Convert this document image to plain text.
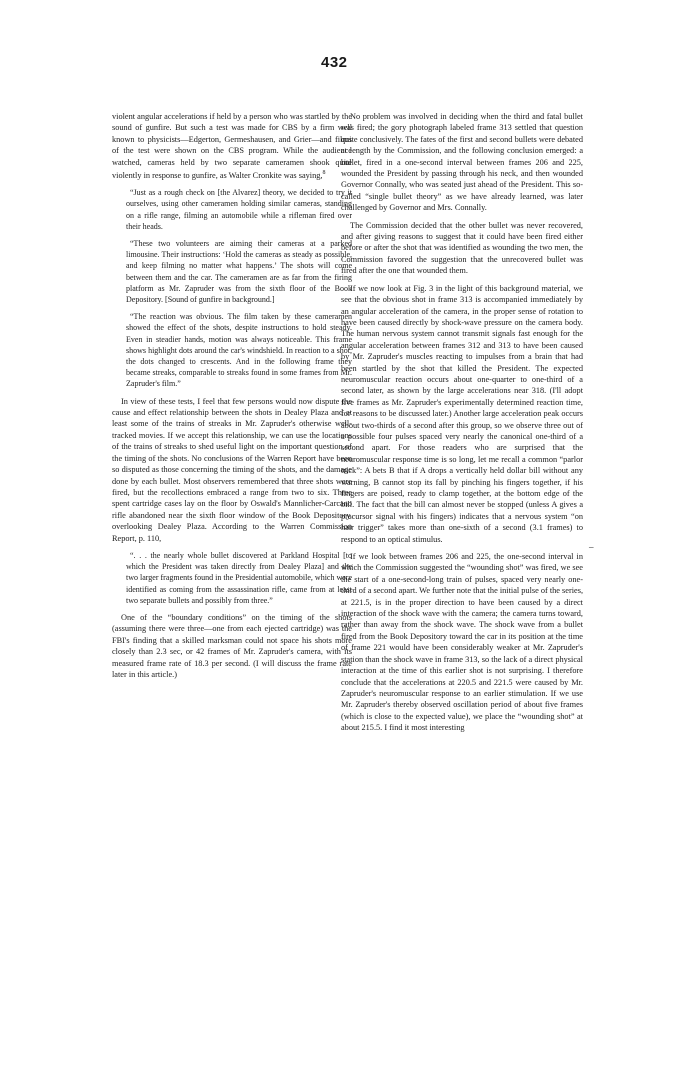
432

violent angular accelerations if held by a person who was startled by the sound of gunfire. But such a test was made for CBS by a firm well known to physicists—Edgerton, Germeshausen, and Grier—and films of the test were shown on the CBS program. While the audience watched, cameras held by two separate cameramen shook quite violently in response to gunfire, as Walter Cronkite was saying,$^8$

“Just as a rough check on [the Alvarez] theory, we decided to try it ourselves, using other cameramen holding similar cameras, standing on a rifle range, filming an automobile while a rifleman fired over their heads.
“These two volunteers are aiming their cameras at a parked limousine. Their instructions: ‘Hold the cameras as steady as possible, and keep filming no matter what happens.’ The shots will come between them and the car. The cameramen are as far from the firing platform as Mr. Zapruder was from the sixth floor of the Book Depository. [Sound of gunfire in background.]
“The reaction was obvious. The film taken by these cameramen showed the effect of the shots, despite instructions to hold steady. Even in steadier hands, motion was always noticeable. This frame shows highlight dots around the car's windshield. In reaction to a shot, the dots changed to crescents. And in the following frame they became streaks, comparable to streaks found in some frames from Mr. Zapruder's film.”

In view of these tests, I feel that few persons would now dispute the cause and effect relationship between the shots in Dealey Plaza and at least some of the trains of streaks in Mr. Zapruder's otherwise well-tracked movies. If we accept this relationship, we can use the locations of the trains of streaks to shed useful light on the important question of the timing of the shots. No conclusions of the Warren Report have been so disputed as those concerning the timing of the shots, and the damage done by each bullet. Most observers remembered that three shots were fired, but the recollections embraced a range from two to six. Three spent cartridge cases lay on the floor by Oswald's Mannlicher-Carcano rifle abandoned near the sixth floor window of the Book Depository, overlooking Dealey Plaza. According to the Warren Commission Report, p. 110,

“. . . the nearly whole bullet discovered at Parkland Hospital [to which the President was taken directly from Dealey Plaza] and the two larger fragments found in the Presidential automobile, which were identified as coming from the assassination rifle, came from at least two separate bullets and possibly from three.”

One of the “boundary conditions” on the timing of the shots (assuming there were three—one from each ejected cartridge) was the FBI's finding that a skilled marksman could not space his shots more closely than 2.3 sec, or 42 frames of Mr. Zapruder's camera, with its measured frame rate of 18.3 per second. (I will discuss the frame rate later in this article.)

No problem was involved in deciding when the third and fatal bullet was fired; the gory photograph labeled frame 313 settled that question quite conclusively. The fates of the first and second bullets were debated at length by the Commission, and the following conclusion emerged: a bullet, fired in a one-second interval between frames 206 and 225, wounded the President by passing through his neck, and then wounded Governor Connally, who was seated just ahead of the President. This so-called “single bullet theory” as we have already learned, was later challenged by Governor and Mrs. Connally.

The Commission decided that the other bullet was never recovered, and after giving reasons to suggest that it could have been fired either before or after the shot that was identified as wounding the two men, the Commission favored the suggestion that the unrecovered bullet was fired after the one that wounded them.

If we now look at Fig. 3 in the light of this background material, we see that the obvious shot in frame 313 is accompanied immediately by an angular acceleration of the camera, in the proper sense of rotation to have been caused directly by shock-wave pressure on the camera body. The human nervous system cannot transmit signals fast enough for the angular acceleration between frames 312 and 313 to have been caused by Mr. Zapruder's muscles reacting to impulses from a brain that had been startled by the shot that killed the President. The expected neuromuscular reaction occurs about one-quarter to one-third of a second later, as shown by the large accelerations near 318. (I'll adopt five frames as Mr. Zapruder's experimentally determined reaction time, for reasons to be discussed later.) Another large acceleration peak occurs about two-thirds of a second after this group, so we observe three out of a possible four pulses spaced very nearly the canonical one-third of a second apart. For those readers who are surprised that the neuromuscular response time is so long, let me recall a common “parlor trick”: A bets B that if A drops a vertically held dollar bill without any warning, B cannot stop its fall by pinching his fingers together, if his fingers are poised, ready to clamp together, at the bottom edge of the bill. The fact that the bill can almost never be stopped (unless A gives a precursor signal with his fingers) indicates that a nervous system “on hair trigger” takes more than one-sixth of a second (3.1 frames) to respond to an optical stimulus.

If we look between frames 206 and 225, the one-second interval in which the Commission suggested the “wounding shot” was fired, we see the start of a one-second-long train of pulses, spaced very nearly one-third of a second apart. We further note that the initial pulse of the series, at 221.5, is in the proper direction to have been caused by a direct interaction of the shock wave with the camera; the camera turns toward, rather than away from the shock wave. The shock wave from a bullet fired from the Book Depository toward the car in its position at the time of frame 221 would have been considerably weaker at Mr. Zapruder's station than the shock wave in frame 313, so the lack of a direct physical interaction at the time of this earlier shot is not surprising. I therefore conclude that the accelerations at 220.5 and 221.5 were caused by Mr. Zapruder's neuromuscular response to an earlier stimulation. If we use Mr. Zapruder's thereby observed oscillation period of about five frames (which is close to the expected value), we place the “wounding shot” at about 215.5. I find it most interesting

–
